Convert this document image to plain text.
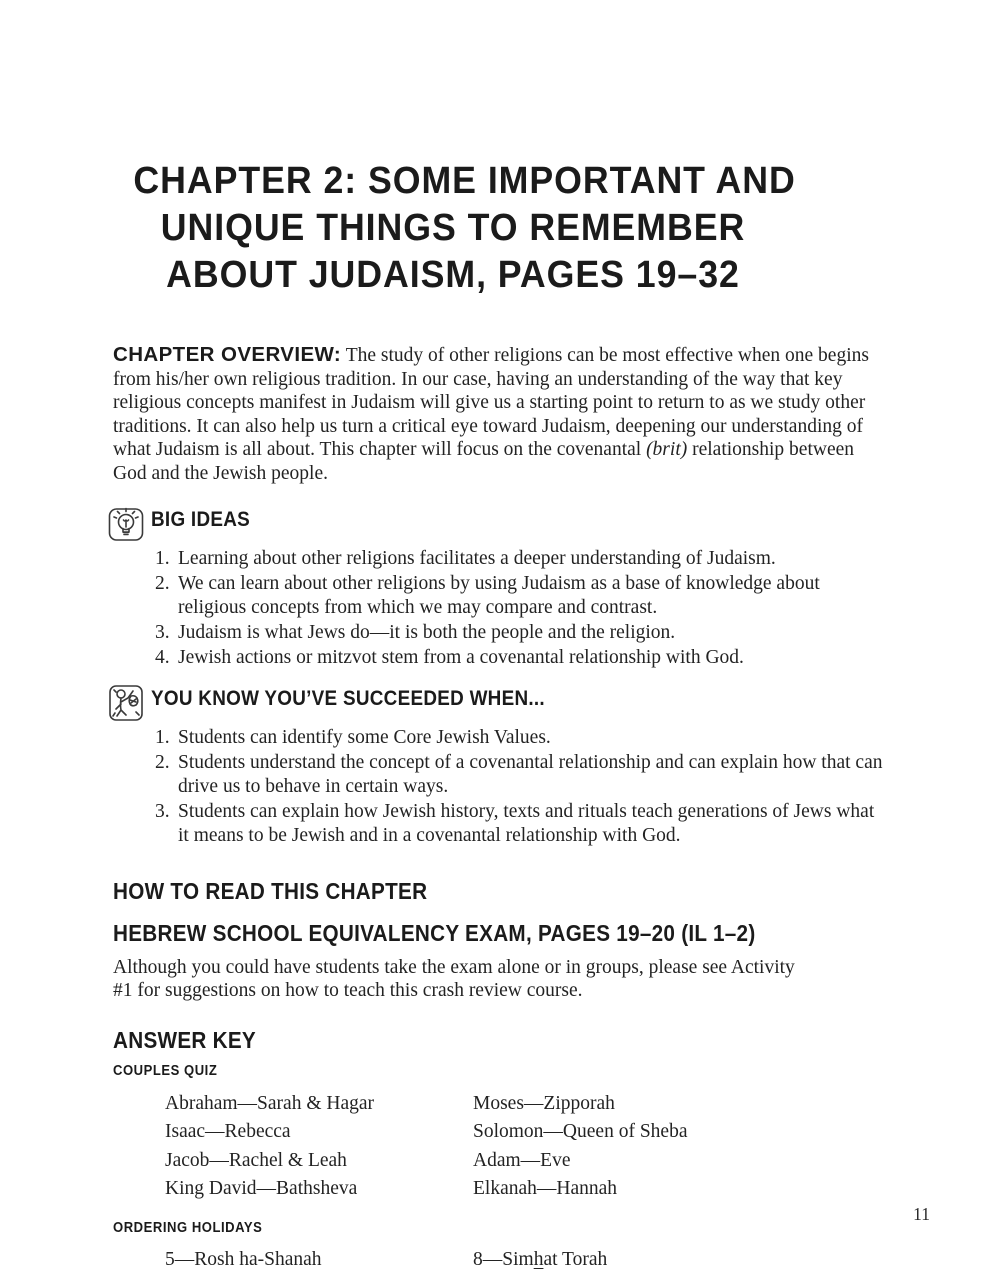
CHAPTER 2: SOME IMPORTANT AND
UNIQUE THINGS TO REMEMBER
ABOUT JUDAISM, PAGES 19–32

CHAPTER OVERVIEW: The study of other religions can be most effective when one begins from his/her own religious tradition. In our case, having an understanding of the way that key religious concepts manifest in Judaism will give us a starting point to return to as we study other traditions. It can also help us turn a critical eye toward Judaism, deepening our understanding of what Judaism is all about. This chapter will focus on the covenantal (brit) relationship between God and the Jewish people.

BIG IDEAS
1. Learning about other religions facilitates a deeper understanding of Judaism.
2. We can learn about other religions by using Judaism as a base of knowledge about religious concepts from which we may compare and contrast.
3. Judaism is what Jews do—it is both the people and the religion.
4. Jewish actions or mitzvot stem from a covenantal relationship with God.
YOU KNOW YOU’VE SUCCEEDED WHEN...
1. Students can identify some Core Jewish Values.
2. Students understand the concept of a covenantal relationship and can explain how that can drive us to behave in certain ways.
3. Students can explain how Jewish history, texts and rituals teach generations of Jews what it means to be Jewish and in a covenantal relationship with God.
HOW TO READ THIS CHAPTER
HEBREW SCHOOL EQUIVALENCY EXAM, PAGES 19–20 (IL 1–2)

Although you could have students take the exam alone or in groups, please see Activity #1 for suggestions on how to teach this crash review course.

ANSWER KEY
COUPLES QUIZ
Abraham—Sarah & Hagar	Moses—Zipporah
Isaac—Rebecca	Solomon—Queen of Sheba
Jacob—Rachel & Leah	Adam—Eve
King David—Bathsheva	Elkanah—Hannah
ORDERING HOLIDAYS
5—Rosh ha-Shanah	8—Simhat Torah
11
